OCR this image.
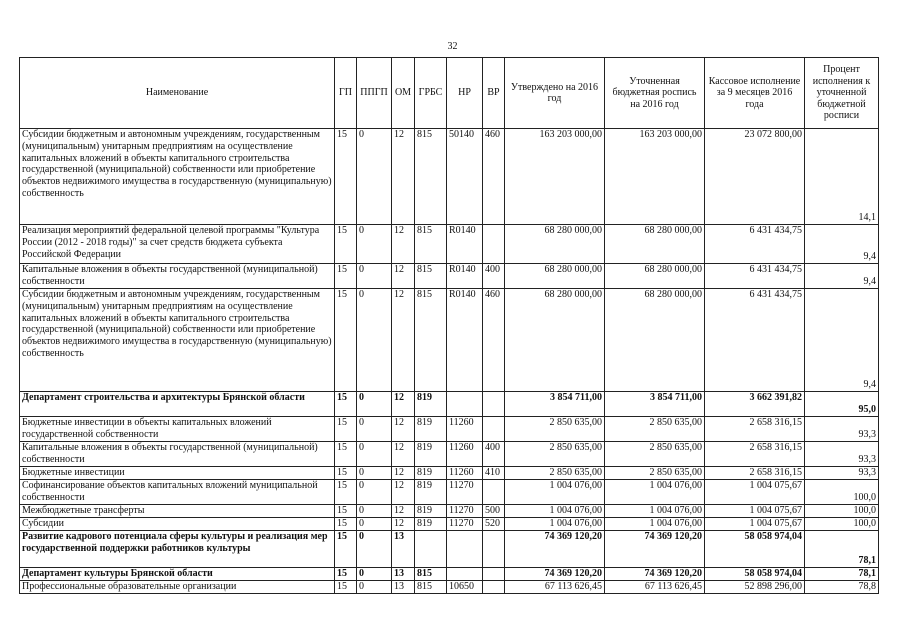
32
Наименование	ГП	ППГП	ОМ	ГРБС	НР	ВР	Утверждено на 2016 год	Уточненная бюджетная роспись на 2016 год	Кассовое исполнение за 9 месяцев 2016 года	Процент исполнения к уточненной бюджетной росписи
Субсидии бюджетным и автономным учреждениям, государственным (муниципальным) унитарным предприятиям на осуществление капитальных вложений в объекты капитального строительства государственной (муниципальной) собственности или приобретение объектов недвижимого имущества в государственную (муниципальную) собственность	15	0	12	815	50140	460	163 203 000,00	163 203 000,00	23 072 800,00	14,1
Реализация мероприятий федеральной целевой программы "Культура России (2012 - 2018 годы)" за счет средств бюджета субъекта Российской Федерации	15	0	12	815	R0140		68 280 000,00	68 280 000,00	6 431 434,75	9,4
Капитальные вложения в объекты государственной (муниципальной) собственности	15	0	12	815	R0140	400	68 280 000,00	68 280 000,00	6 431 434,75	9,4
Субсидии бюджетным и автономным учреждениям, государственным (муниципальным) унитарным предприятиям на осуществление капитальных вложений в объекты капитального строительства государственной (муниципальной) собственности или приобретение объектов недвижимого имущества в государственную (муниципальную) собственность	15	0	12	815	R0140	460	68 280 000,00	68 280 000,00	6 431 434,75	9,4
Департамент строительства и архитектуры Брянской области	15	0	12	819			3 854 711,00	3 854 711,00	3 662 391,82	95,0
Бюджетные инвестиции в объекты капитальных вложений государственной собственности	15	0	12	819	11260		2 850 635,00	2 850 635,00	2 658 316,15	93,3
Капитальные вложения в объекты государственной (муниципальной) собственности	15	0	12	819	11260	400	2 850 635,00	2 850 635,00	2 658 316,15	93,3
Бюджетные инвестиции	15	0	12	819	11260	410	2 850 635,00	2 850 635,00	2 658 316,15	93,3
Софинансирование объектов капитальных вложений муниципальной собственности	15	0	12	819	11270		1 004 076,00	1 004 076,00	1 004 075,67	100,0
Межбюджетные трансферты	15	0	12	819	11270	500	1 004 076,00	1 004 076,00	1 004 075,67	100,0
Субсидии	15	0	12	819	11270	520	1 004 076,00	1 004 076,00	1 004 075,67	100,0
Развитие кадрового потенциала сферы культуры и реализация мер государственной поддержки работников культуры	15	0	13				74 369 120,20	74 369 120,20	58 058 974,04	78,1
Департамент культуры Брянской области	15	0	13	815			74 369 120,20	74 369 120,20	58 058 974,04	78,1
Профессиональные образовательные организации	15	0	13	815	10650		67 113 626,45	67 113 626,45	52 898 296,00	78,8
